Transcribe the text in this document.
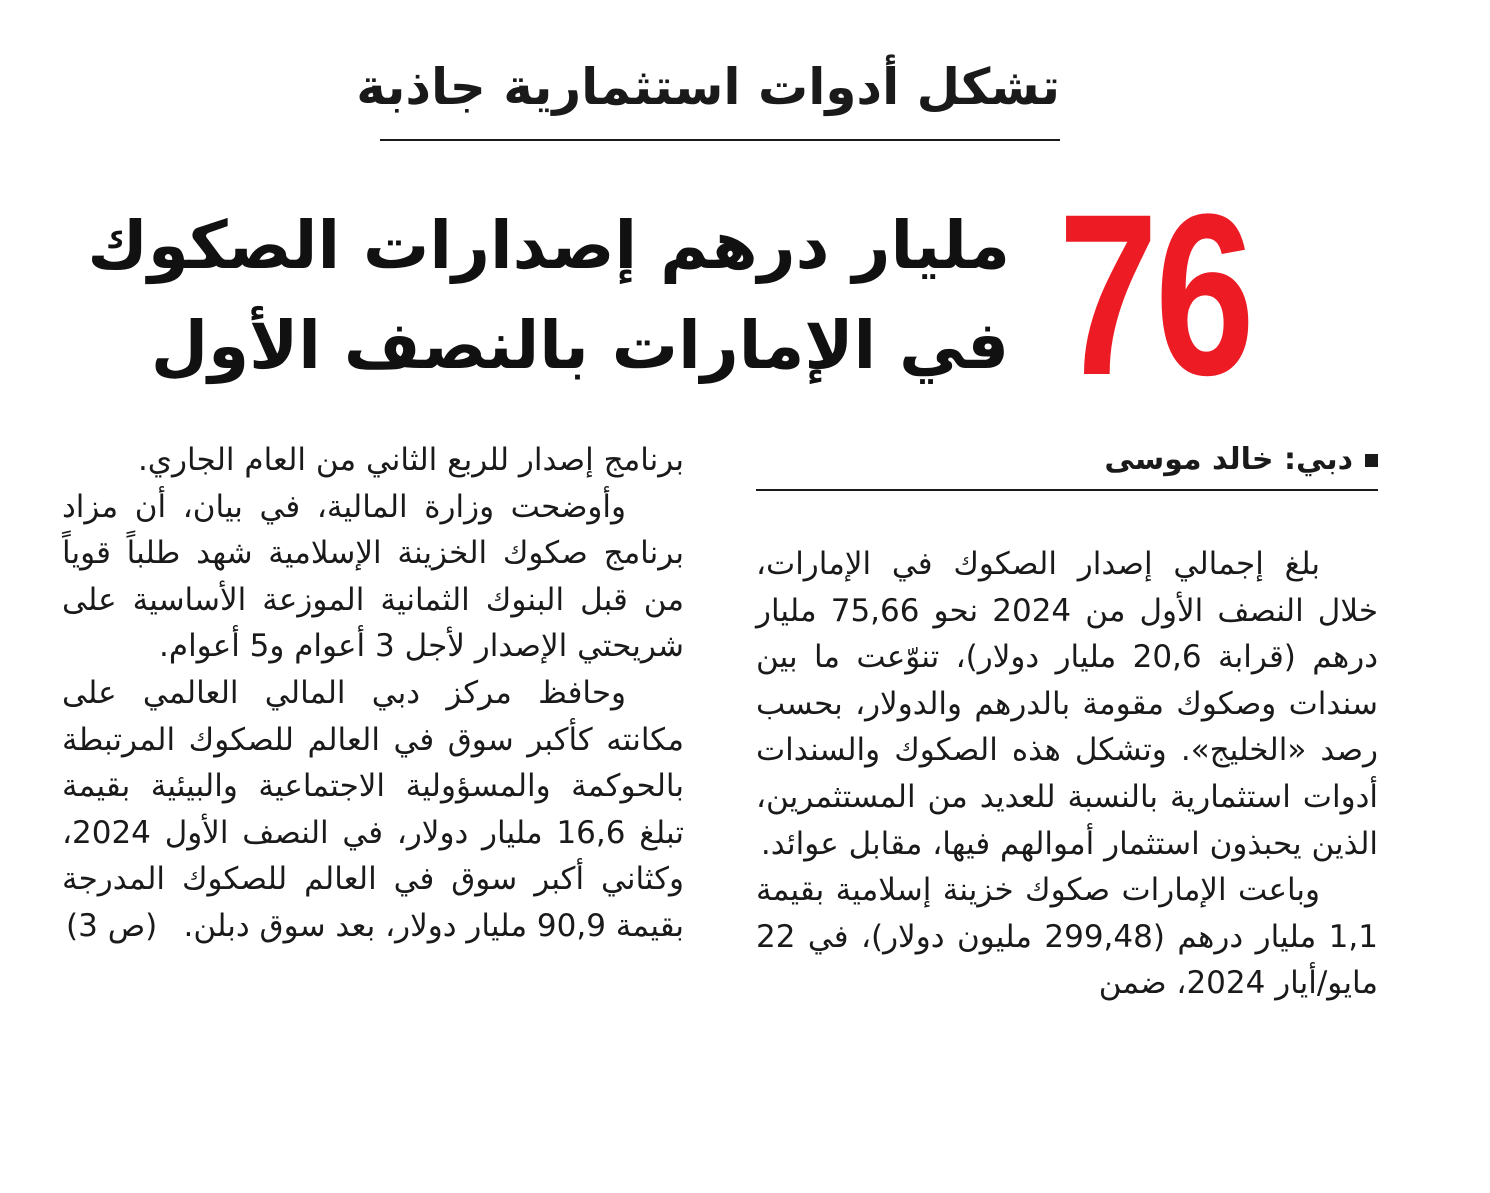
تشكل أدوات استثمارية جاذبة
76
مليار درهم إصدارات الصكوك
في الإمارات بالنصف الأول
دبي: خالد موسى

بلغ إجمالي إصدار الصكوك في الإمارات، خلال النصف الأول من 2024 نحو 75,66 مليار درهم (قرابة 20,6 مليار دولار)، تنوّعت ما بين سندات وصكوك مقومة بالدرهم والدولار، بحسب رصد «الخليج». وتشكل هذه الصكوك والسندات أدوات استثمارية بالنسبة للعديد من المستثمرين، الذين يحبذون استثمار أموالهم فيها، مقابل عوائد.

وباعت الإمارات صكوك خزينة إسلامية بقيمة 1,1 مليار درهم (299,48 مليون دولار)، في 22 مايو/أيار 2024، ضمن

برنامج إصدار للربع الثاني من العام الجاري.

وأوضحت وزارة المالية، في بيان، أن مزاد برنامج صكوك الخزينة الإسلامية شهد طلباً قوياً من قبل البنوك الثمانية الموزعة الأساسية على شريحتي الإصدار لأجل 3 أعوام و5 أعوام.

وحافظ مركز دبي المالي العالمي على مكانته كأكبر سوق في العالم للصكوك المرتبطة بالحوكمة والمسؤولية الاجتماعية والبيئية بقيمة تبلغ 16,6 مليار دولار، في النصف الأول 2024، وكثاني أكبر سوق في العالم للصكوك المدرجة بقيمة 90,9 مليار دولار، بعد سوق دبلن.
(ص 3)
